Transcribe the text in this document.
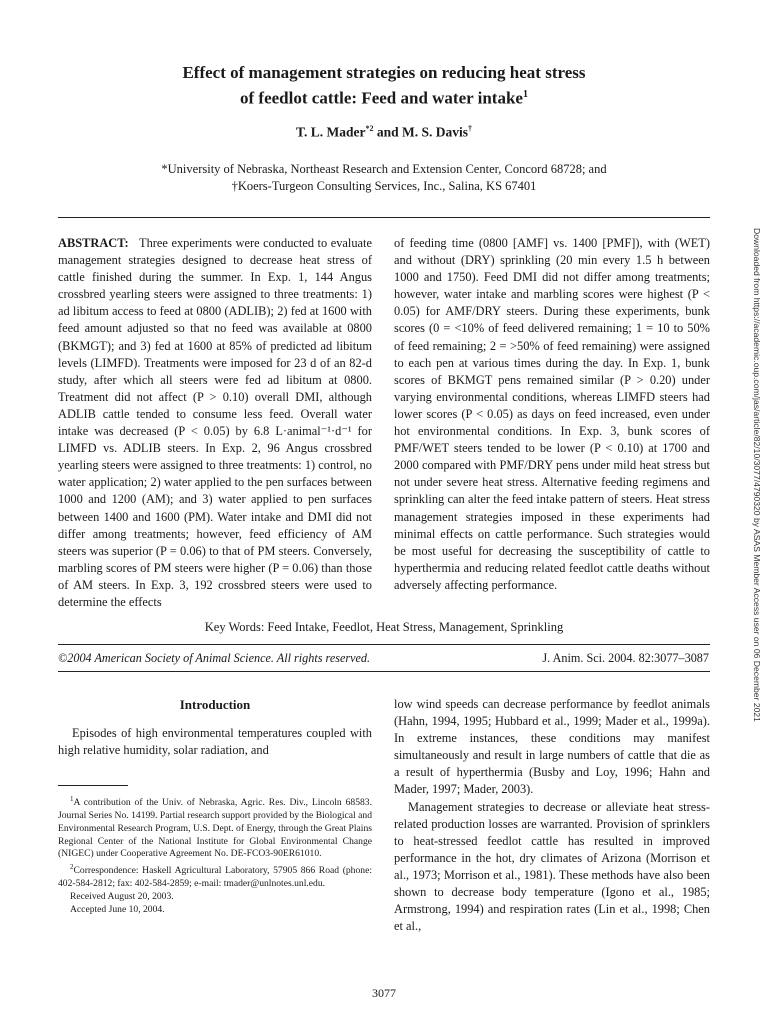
Effect of management strategies on reducing heat stress
of feedlot cattle: Feed and water intake$^1$
T. L. Mader$^{*2}$ and M. S. Davis†
*University of Nebraska, Northeast Research and Extension Center, Concord 68728; and
†Koers-Turgeon Consulting Services, Inc., Salina, KS 67401

ABSTRACT: Three experiments were conducted to evaluate management strategies designed to decrease heat stress of cattle finished during the summer. In Exp. 1, 144 Angus crossbred yearling steers were assigned to three treatments: 1) ad libitum access to feed at 0800 (ADLIB); 2) fed at 1600 with feed amount adjusted so that no feed was available at 0800 (BKMGT); and 3) fed at 1600 at 85% of predicted ad libitum levels (LIMFD). Treatments were imposed for 23 d of an 82-d study, after which all steers were fed ad libitum at 0800. Treatment did not affect (P > 0.10) overall DMI, although ADLIB cattle tended to consume less feed. Overall water intake was decreased (P < 0.05) by 6.8 L·animal⁻¹·d⁻¹ for LIMFD vs. ADLIB steers. In Exp. 2, 96 Angus crossbred yearling steers were assigned to three treatments: 1) control, no water application; 2) water applied to the pen surfaces between 1000 and 1200 (AM); and 3) water applied to pen surfaces between 1400 and 1600 (PM). Water intake and DMI did not differ among treatments; however, feed efficiency of AM steers was superior (P = 0.06) to that of PM steers. Conversely, marbling scores of PM steers were higher (P = 0.06) than those of AM steers. In Exp. 3, 192 crossbred steers were used to determine the effects

of feeding time (0800 [AMF] vs. 1400 [PMF]), with (WET) and without (DRY) sprinkling (20 min every 1.5 h between 1000 and 1750). Feed DMI did not differ among treatments; however, water intake and marbling scores were highest (P < 0.05) for AMF/DRY steers. During these experiments, bunk scores (0 = <10% of feed delivered remaining; 1 = 10 to 50% of feed remaining; 2 = >50% of feed remaining) were assigned to each pen at various times during the day. In Exp. 1, bunk scores of BKMGT pens remained similar (P > 0.20) under varying environmental conditions, whereas LIMFD steers had lower scores (P < 0.05) as days on feed increased, even under hot environmental conditions. In Exp. 3, bunk scores of PMF/WET steers tended to be lower (P < 0.10) at 1700 and 2000 compared with PMF/DRY pens under mild heat stress but not under severe heat stress. Alternative feeding regimens and sprinkling can alter the feed intake pattern of steers. Heat stress management strategies imposed in these experiments had minimal effects on cattle performance. Such strategies would be most useful for decreasing the susceptibility of cattle to hyperthermia and reducing related feedlot cattle deaths without adversely affecting performance.

Key Words: Feed Intake, Feedlot, Heat Stress, Management, Sprinkling
©2004 American Society of Animal Science. All rights reserved.	J. Anim. Sci. 2004. 82:3077–3087
Introduction

Episodes of high environmental temperatures coupled with high relative humidity, solar radiation, and

$^1$A contribution of the Univ. of Nebraska, Agric. Res. Div., Lincoln 68583. Journal Series No. 14199. Partial research support provided by the Biological and Environmental Research Program, U.S. Dept. of Energy, through the Great Plains Regional Center of the National Institute for Global Environmental Change (NIGEC) under Cooperative Agreement No. DE-FCO3-90ER61010.

$^2$Correspondence: Haskell Agricultural Laboratory, 57905 866 Road (phone: 402-584-2812; fax: 402-584-2859; e-mail: tmader@unlnotes.unl.edu.

Received August 20, 2003.

Accepted June 10, 2004.

low wind speeds can decrease performance by feedlot animals (Hahn, 1994, 1995; Hubbard et al., 1999; Mader et al., 1999a). In extreme instances, these conditions may manifest simultaneously and result in large numbers of cattle that die as a result of hyperthermia (Busby and Loy, 1996; Hahn and Mader, 1997; Mader, 2003).

Management strategies to decrease or alleviate heat stress-related production losses are warranted. Provision of sprinklers to heat-stressed feedlot cattle has resulted in improved performance in the hot, dry climates of Arizona (Morrison et al., 1973; Morrison et al., 1981). These methods have also been shown to decrease body temperature (Igono et al., 1985; Armstrong, 1994) and respiration rates (Lin et al., 1998; Chen et al.,

3077
Downloaded from https://academic.oup.com/jas/article/82/10/3077/4790320 by ASAS Member Access user on 06 December 2021
